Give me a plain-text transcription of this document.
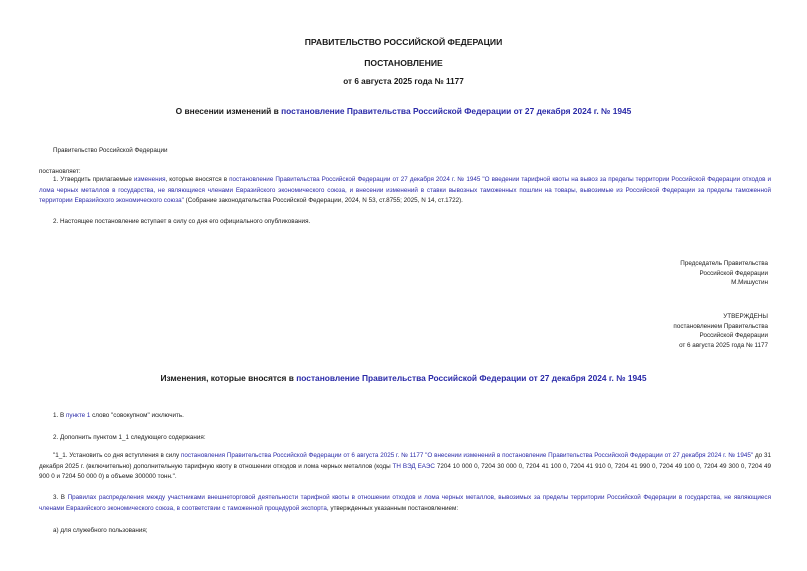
ПРАВИТЕЛЬСТВО РОССИЙСКОЙ ФЕДЕРАЦИИ
ПОСТАНОВЛЕНИЕ
от 6 августа 2025 года № 1177
О внесении изменений в постановление Правительства Российской Федерации от 27 декабря 2024 г. № 1945
Правительство Российской Федерации
постановляет:
1. Утвердить прилагаемые изменения, которые вносятся в постановление Правительства Российской Федерации от 27 декабря 2024 г. № 1945 "О введении тарифной квоты на вывоз за пределы территории Российской Федерации отходов и лома черных металлов в государства, не являющиеся членами Евразийского экономического союза, и внесении изменений в ставки вывозных таможенных пошлин на товары, вывозимые из Российской Федерации за пределы таможенной территории Евразийского экономического союза" (Собрание законодательства Российской Федерации, 2024, N 53, ст.8755; 2025, N 14, ст.1722).
2. Настоящее постановление вступает в силу со дня его официального опубликования.
Председатель Правительства
Российской Федерации
М.Мишустин
УТВЕРЖДЕНЫ
постановлением Правительства
Российской Федерации
от 6 августа 2025 года № 1177
Изменения, которые вносятся в постановление Правительства Российской Федерации от 27 декабря 2024 г. № 1945
1. В пункте 1 слово "совокупном" исключить.
2. Дополнить пунктом 1_1 следующего содержания:
"1_1. Установить со дня вступления в силу постановления Правительства Российской Федерации от 6 августа 2025 г. № 1177 "О внесении изменений в постановление Правительства Российской Федерации от 27 декабря 2024 г. № 1945" до 31 декабря 2025 г. (включительно) дополнительную тарифную квоту в отношении отходов и лома черных металлов (коды ТН ВЭД ЕАЭС 7204 10 000 0, 7204 30 000 0, 7204 41 100 0, 7204 41 910 0, 7204 41 990 0, 7204 49 100 0, 7204 49 300 0, 7204 49 900 0 и 7204 50 000 0) в объеме 300000 тонн.".
3. В Правилах распределения между участниками внешнеторговой деятельности тарифной квоты в отношении отходов и лома черных металлов, вывозимых за пределы территории Российской Федерации в государства, не являющиеся членами Евразийского экономического союза, в соответствии с таможенной процедурой экспорта, утвержденных указанным постановлением:
а) для служебного пользования;
